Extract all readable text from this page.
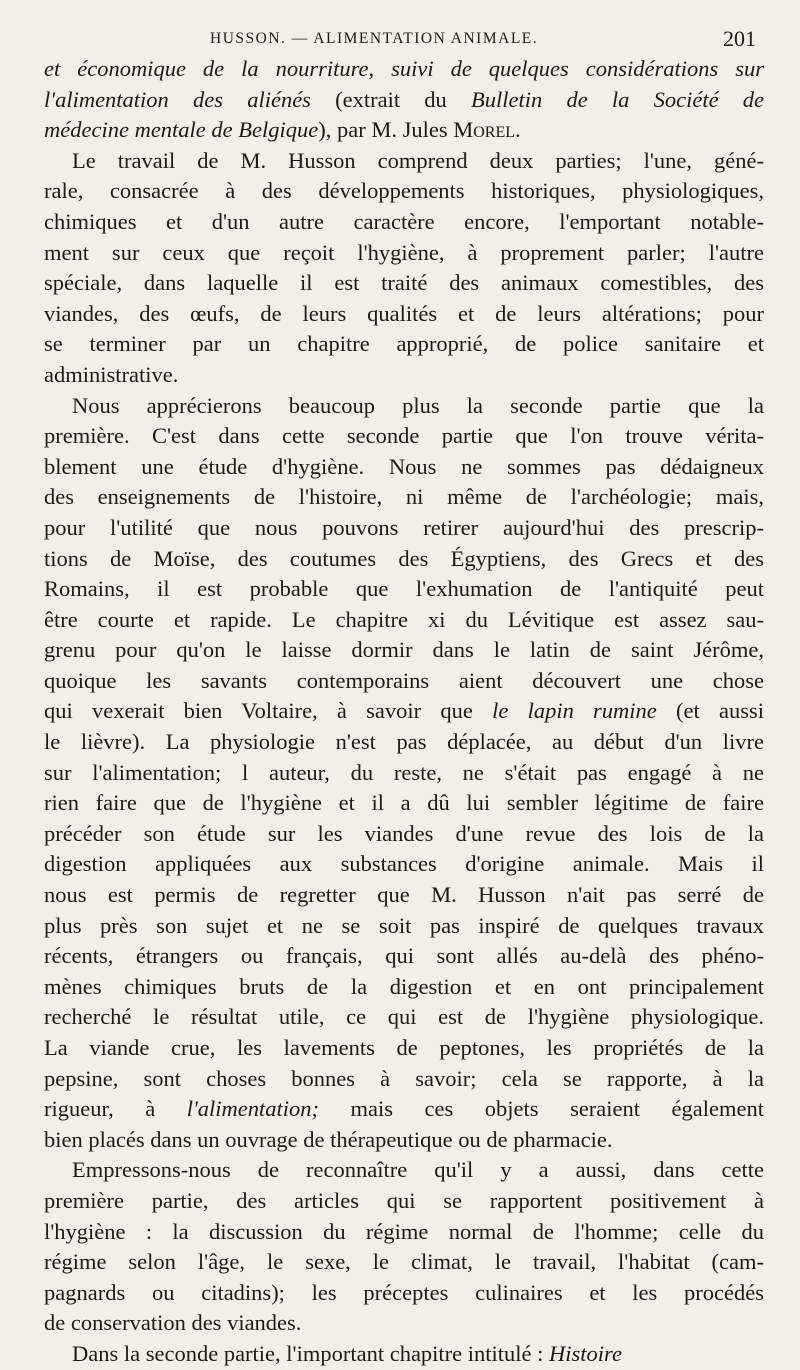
HUSSON. — ALIMENTATION ANIMALE.	201
et économique de la nourriture, suivi de quelques considérations sur
l'alimentation des aliénés (extrait du Bulletin de la Société de
médecine mentale de Belgique), par M. Jules Morel.
Le travail de M. Husson comprend deux parties; l'une, géné-
rale, consacrée à des développements historiques, physiologiques,
chimiques et d'un autre caractère encore, l'emportant notable-
ment sur ceux que reçoit l'hygiène, à proprement parler; l'autre
spéciale, dans laquelle il est traité des animaux comestibles, des
viandes, des œufs, de leurs qualités et de leurs altérations; pour
se terminer par un chapitre approprié, de police sanitaire et
administrative.
Nous apprécierons beaucoup plus la seconde partie que la
première. C'est dans cette seconde partie que l'on trouve vérita-
blement une étude d'hygiène. Nous ne sommes pas dédaigneux
des enseignements de l'histoire, ni même de l'archéologie; mais,
pour l'utilité que nous pouvons retirer aujourd'hui des prescrip-
tions de Moïse, des coutumes des Égyptiens, des Grecs et des
Romains, il est probable que l'exhumation de l'antiquité peut
être courte et rapide. Le chapitre xi du Lévitique est assez sau-
grenu pour qu'on le laisse dormir dans le latin de saint Jérôme,
quoique les savants contemporains aient découvert une chose
qui vexerait bien Voltaire, à savoir que le lapin rumine (et aussi
le lièvre). La physiologie n'est pas déplacée, au début d'un livre
sur l'alimentation; l auteur, du reste, ne s'était pas engagé à ne
rien faire que de l'hygiène et il a dû lui sembler légitime de faire
précéder son étude sur les viandes d'une revue des lois de la
digestion appliquées aux substances d'origine animale. Mais il
nous est permis de regretter que M. Husson n'ait pas serré de
plus près son sujet et ne se soit pas inspiré de quelques travaux
récents, étrangers ou français, qui sont allés au-delà des phéno-
mènes chimiques bruts de la digestion et en ont principalement
recherché le résultat utile, ce qui est de l'hygiène physiologique.
La viande crue, les lavements de peptones, les propriétés de la
pepsine, sont choses bonnes à savoir; cela se rapporte, à la
rigueur, à l'alimentation; mais ces objets seraient également
bien placés dans un ouvrage de thérapeutique ou de pharmacie.
Empressons-nous de reconnaître qu'il y a aussi, dans cette
première partie, des articles qui se rapportent positivement à
l'hygiène : la discussion du régime normal de l'homme; celle du
régime selon l'âge, le sexe, le climat, le travail, l'habitat (cam-
pagnards ou citadins); les préceptes culinaires et les procédés
de conservation des viandes.
Dans la seconde partie, l'important chapitre intitulé : Histoire
